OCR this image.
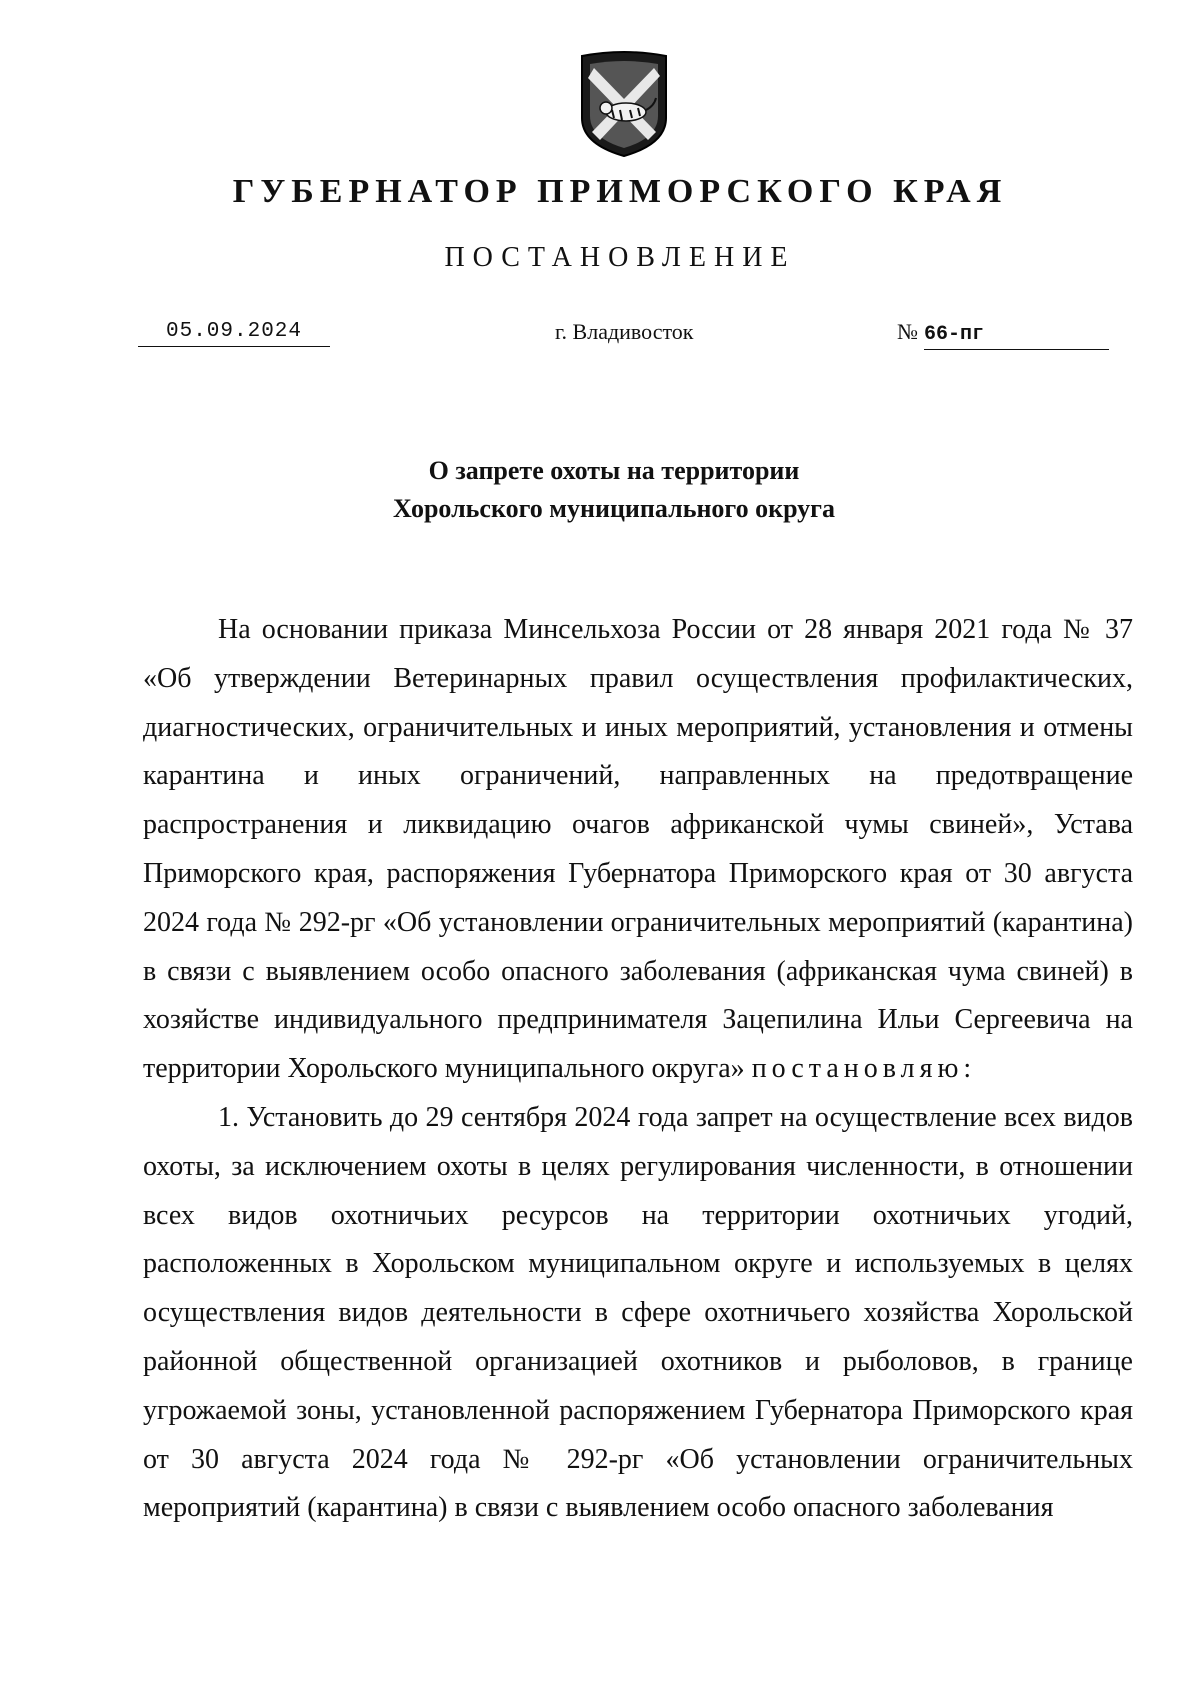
ГУБЕРНАТОР ПРИМОРСКОГО КРАЯ
ПОСТАНОВЛЕНИЕ
05.09.2024	г. Владивосток	№ 66-пг
О запрете охоты на территории
Хорольского муниципального округа

На основании приказа Минсельхоза России от 28 января 2021 года № 37 «Об утверждении Ветеринарных правил осуществления профилактических, диагностических, ограничительных и иных мероприятий, установления и отмены карантина и иных ограничений, направленных на предотвращение распространения и ликвидацию очагов африканской чумы свиней», Устава Приморского края, распоряжения Губернатора Приморского края от 30 августа 2024 года № 292-рг «Об установлении ограничительных мероприятий (карантина) в связи с выявлением особо опасного заболевания (африканская чума свиней) в хозяйстве индивидуального предпринимателя Зацепилина Ильи Сергеевича на территории Хорольского муниципального округа» постановляю:

1. Установить до 29 сентября 2024 года запрет на осуществление всех видов охоты, за исключением охоты в целях регулирования численности, в отношении всех видов охотничьих ресурсов на территории охотничьих угодий, расположенных в Хорольском муниципальном округе и используемых в целях осуществления видов деятельности в сфере охотничьего хозяйства Хорольской районной общественной организацией охотников и рыболовов, в границе угрожаемой зоны, установленной распоряжением Губернатора Приморского края от 30 августа 2024 года № 292-рг «Об установлении ограничительных мероприятий (карантина) в связи с выявлением особо опасного заболевания
